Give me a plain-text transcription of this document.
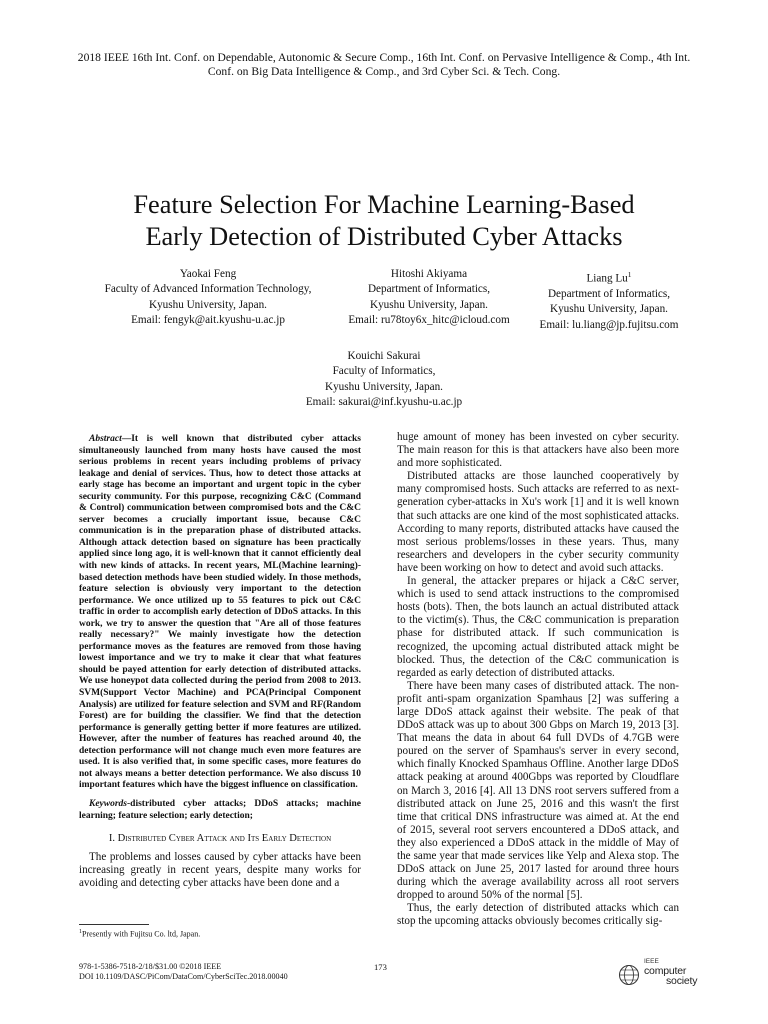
2018 IEEE 16th Int. Conf. on Dependable, Autonomic & Secure Comp., 16th Int. Conf. on Pervasive Intelligence & Comp., 4th Int. Conf. on Big Data Intelligence & Comp., and 3rd Cyber Sci. & Tech. Cong.
Feature Selection For Machine Learning-Based
Early Detection of Distributed Cyber Attacks
Yaokai Feng
Faculty of Advanced Information Technology,
Kyushu University, Japan.
Email: fengyk@ait.kyushu-u.ac.jp
Hitoshi Akiyama
Department of Informatics,
Kyushu University, Japan.
Email: ru78toy6x_hitc@icloud.com
Liang Lu$^1$
Department of Informatics,
Kyushu University, Japan.
Email: lu.liang@jp.fujitsu.com
Kouichi Sakurai
Faculty of Informatics,
Kyushu University, Japan.
Email: sakurai@inf.kyushu-u.ac.jp

Abstract—It is well known that distributed cyber attacks simultaneously launched from many hosts have caused the most serious problems in recent years including problems of privacy leakage and denial of services. Thus, how to detect those attacks at early stage has become an important and urgent topic in the cyber security community. For this purpose, recognizing C&C (Command & Control) communication between compromised bots and the C&C server becomes a crucially important issue, because C&C communication is in the preparation phase of distributed attacks. Although attack detection based on signature has been practically applied since long ago, it is well-known that it cannot efficiently deal with new kinds of attacks. In recent years, ML(Machine learning)-based detection methods have been studied widely. In those methods, feature selection is obviously very important to the detection performance. We once utilized up to 55 features to pick out C&C traffic in order to accomplish early detection of DDoS attacks. In this work, we try to answer the question that "Are all of those features really necessary?" We mainly investigate how the detection performance moves as the features are removed from those having lowest importance and we try to make it clear that what features should be payed attention for early detection of distributed attacks. We use honeypot data collected during the period from 2008 to 2013. SVM(Support Vector Machine) and PCA(Principal Component Analysis) are utilized for feature selection and SVM and RF(Random Forest) are for building the classifier. We find that the detection performance is generally getting better if more features are utilized. However, after the number of features has reached around 40, the detection performance will not change much even more features are used. It is also verified that, in some specific cases, more features do not always means a better detection performance. We also discuss 10 important features which have the biggest influence on classification.

Keywords-distributed cyber attacks; DDoS attacks; machine learning; feature selection; early detection;

I. Distributed Cyber Attack and Its Early Detection

The problems and losses caused by cyber attacks have been increasing greatly in recent years, despite many works for avoiding and detecting cyber attacks have been done and a

huge amount of money has been invested on cyber security. The main reason for this is that attackers have also been more and more sophisticated.

Distributed attacks are those launched cooperatively by many compromised hosts. Such attacks are referred to as next-generation cyber-attacks in Xu's work [1] and it is well known that such attacks are one kind of the most sophisticated attacks. According to many reports, distributed attacks have caused the most serious problems/losses in these years. Thus, many researchers and developers in the cyber security community have been working on how to detect and avoid such attacks.

In general, the attacker prepares or hijack a C&C server, which is used to send attack instructions to the compromised hosts (bots). Then, the bots launch an actual distributed attack to the victim(s). Thus, the C&C communication is preparation phase for distributed attack. If such communication is recognized, the upcoming actual distributed attack might be blocked. Thus, the detection of the C&C communication is regarded as early detection of distributed attacks.

There have been many cases of distributed attack. The non-profit anti-spam organization Spamhaus [2] was suffering a large DDoS attack against their website. The peak of that DDoS attack was up to about 300 Gbps on March 19, 2013 [3]. That means the data in about 64 full DVDs of 4.7GB were poured on the server of Spamhaus's server in every second, which finally Knocked Spamhaus Offline. Another large DDoS attack peaking at around 400Gbps was reported by Cloudflare on March 3, 2016 [4]. All 13 DNS root servers suffered from a distributed attack on June 25, 2016 and this wasn't the first time that critical DNS infrastructure was aimed at. At the end of 2015, several root servers encountered a DDoS attack, and they also experienced a DDoS attack in the middle of May of the same year that made services like Yelp and Alexa stop. The DDoS attack on June 25, 2017 lasted for around three hours during which the average availability across all root servers dropped to around 50% of the normal [5].

Thus, the early detection of distributed attacks which can stop the upcoming attacks obviously becomes critically sig-

$^1$Presently with Fujitsu Co. ltd, Japan.
978-1-5386-7518-2/18/$31.00 ©2018 IEEE
DOI 10.1109/DASC/PiCom/DataCom/CyberSciTec.2018.00040
173
IEEE
computer
society
